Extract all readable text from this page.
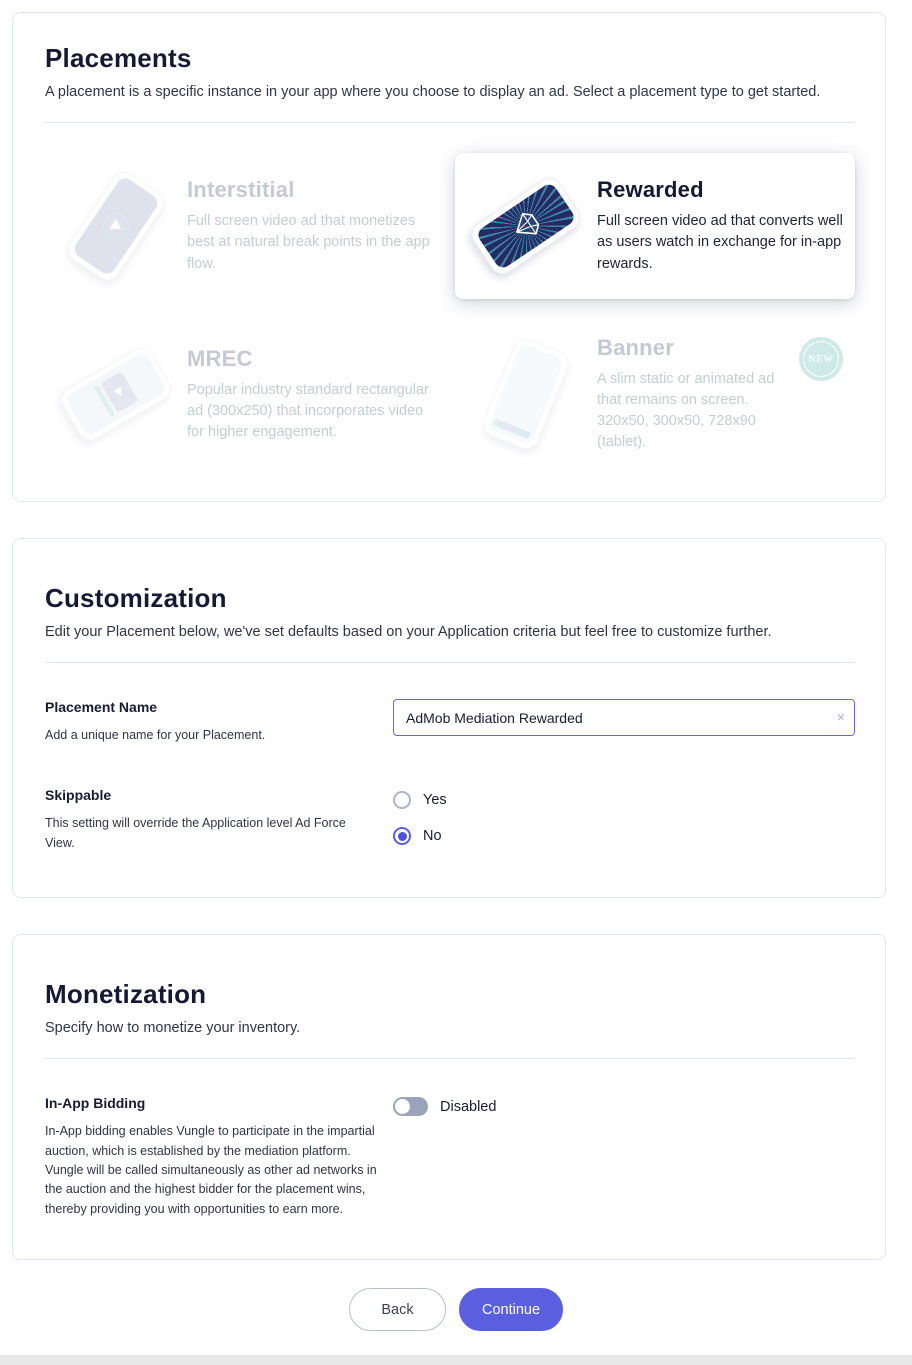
Placements

A placement is a specific instance in your app where you choose to display an ad. Select a placement type to get started.

Interstitial
Full screen video ad that monetizes best at natural break points in the app flow.
Rewarded
Full screen video ad that converts well as users watch in exchange for in-app rewards.
MREC
Popular industry standard rectangular ad (300x250) that incorporates video for higher engagement.
Banner
A slim static or animated ad that remains on screen. 320x50, 300x50, 728x90 (tablet).
NEW
Customization

Edit your Placement below, we've set defaults based on your Application criteria but feel free to customize further.

Placement Name
Add a unique name for your Placement.
AdMob Mediation Rewarded
×
Skippable
This setting will override the Application level Ad Force View.
Yes
No
Monetization

Specify how to monetize your inventory.

In-App Bidding
In-App bidding enables Vungle to participate in the impartial auction, which is established by the mediation platform. Vungle will be called simultaneously as other ad networks in the auction and the highest bidder for the placement wins, thereby providing you with opportunities to earn more.
Disabled
Back	Continue
